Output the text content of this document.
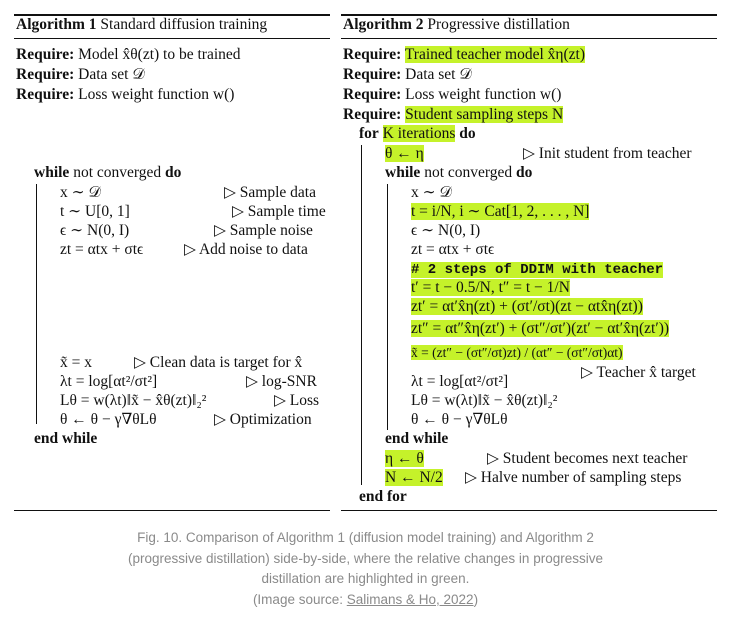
Algorithm 1 Standard diffusion training
Require: Model x̂θ(zt) to be trained
Require: Data set 𝒟
Require: Loss weight function w()
while not converged do
x ∼ 𝒟	▷ Sample data
t ∼ U[0, 1]	▷ Sample time
ϵ ∼ N(0, I)	▷ Sample noise
zt = αtx + σtϵ	▷ Add noise to data
x̃ = x	▷ Clean data is target for x̂
λt = log[αt²/σt²]	▷ log-SNR
Lθ = w(λt)‖x̃ − x̂θ(zt)‖₂²	▷ Loss
θ ← θ − γ∇θLθ	▷ Optimization
end while
Algorithm 2 Progressive distillation
Require: Trained teacher model x̂η(zt)
Require: Data set 𝒟
Require: Loss weight function w()
Require: Student sampling steps N
for K iterations do
θ ← η	▷ Init student from teacher
while not converged do
x ∼ 𝒟
t = i/N, i ∼ Cat[1, 2, . . . , N]
ϵ ∼ N(0, I)
zt = αtx + σtϵ
# 2 steps of DDIM with teacher
t′ = t − 0.5/N, t″ = t − 1/N
zt′ = αt′x̂η(zt) + (σt′/σt)(zt − αtx̂η(zt))
zt″ = αt″x̂η(zt′) + (σt″/σt′)(zt′ − αt′x̂η(zt′))
x̃ = (zt″ − (σt″/σt)zt) / (αt″ − (σt″/σt)αt)
▷ Teacher x̂ target
λt = log[αt²/σt²]
Lθ = w(λt)‖x̃ − x̂θ(zt)‖₂²
θ ← θ − γ∇θLθ
end while
η ← θ	▷ Student becomes next teacher
N ← N/2 ▷ Halve number of sampling steps
end for
Fig. 10. Comparison of Algorithm 1 (diffusion model training) and Algorithm 2
(progressive distillation) side-by-side, where the relative changes in progressive
distillation are highlighted in green.
(Image source: Salimans & Ho, 2022)
